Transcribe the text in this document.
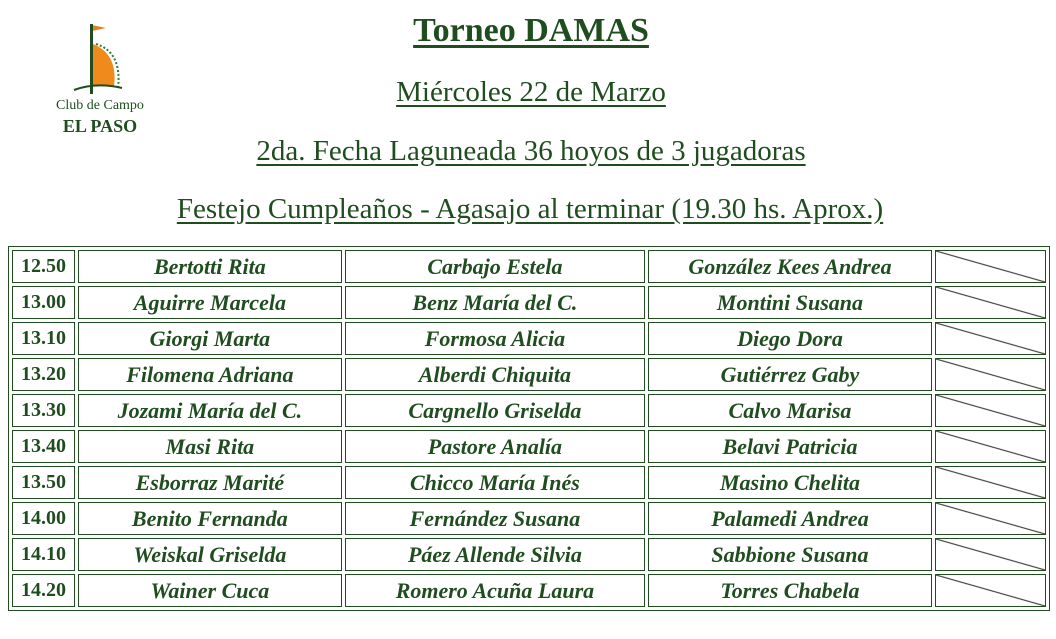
Club de Campo
EL PASO
Torneo DAMAS
Miércoles 22 de Marzo
2da. Fecha Laguneada 36 hoyos de 3 jugadoras
Festejo Cumpleaños - Agasajo al terminar (19.30 hs. Aprox.)
12.50	Bertotti Rita	Carbajo Estela	González Kees Andrea	
13.00	Aguirre Marcela	Benz María del C.	Montini Susana	
13.10	Giorgi Marta	Formosa Alicia	Diego Dora	
13.20	Filomena Adriana	Alberdi Chiquita	Gutiérrez Gaby	
13.30	Jozami María del C.	Cargnello Griselda	Calvo Marisa	
13.40	Masi Rita	Pastore Analía	Belavi Patricia	
13.50	Esborraz Marité	Chicco María Inés	Masino Chelita	
14.00	Benito Fernanda	Fernández Susana	Palamedi Andrea	
14.10	Weiskal Griselda	Páez Allende Silvia	Sabbione Susana	
14.20	Wainer Cuca	Romero Acuña Laura	Torres Chabela	
